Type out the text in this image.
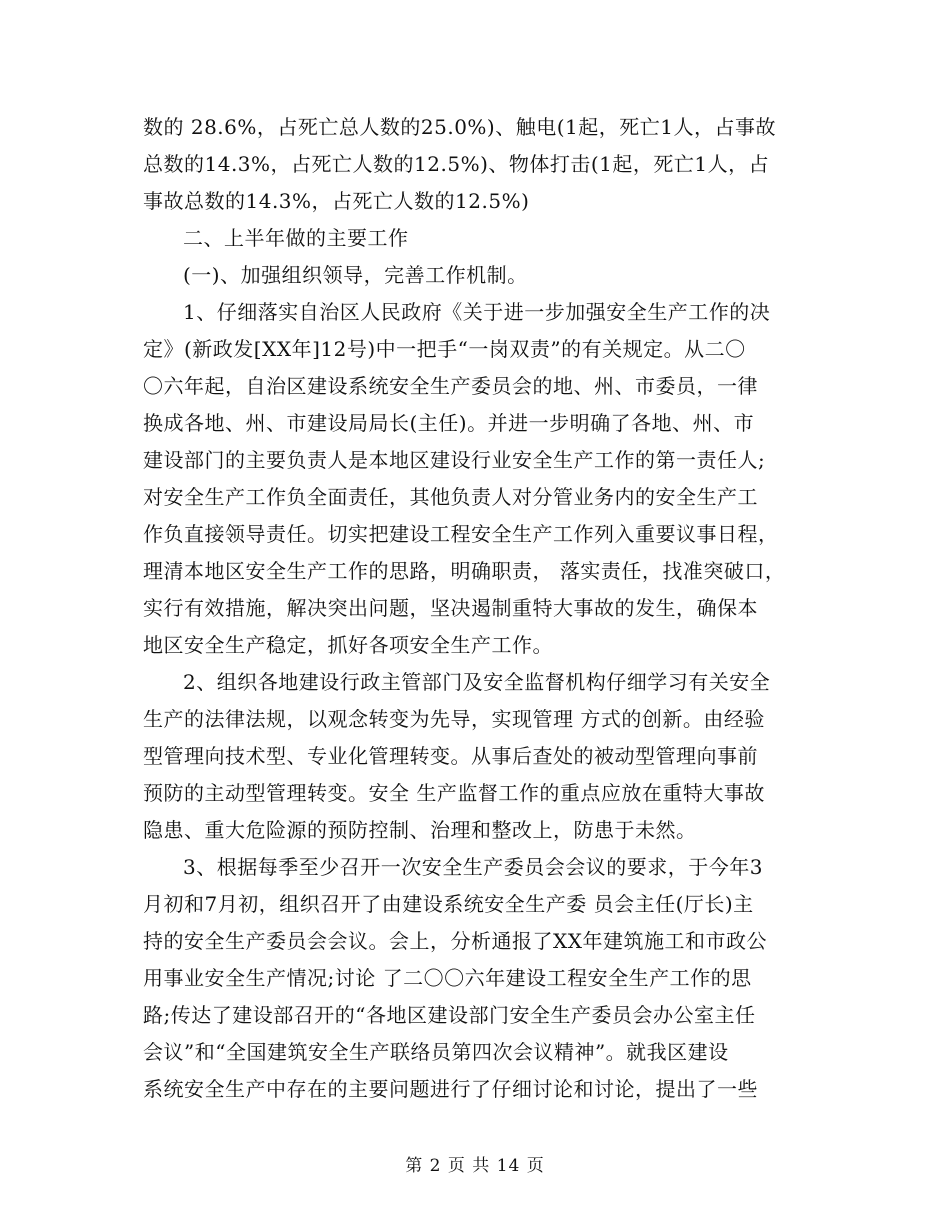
数的 28.6%，占死亡总人数的25.0%)、触电(1起，死亡1人，占事故
总数的14.3%，占死亡人数的12.5%)、物体打击(1起，死亡1人，占
事故总数的14.3%，占死亡人数的12.5%)
二、上半年做的主要工作
(一)、加强组织领导，完善工作机制。
1、仔细落实自治区人民政府《关于进一步加强安全生产工作的决
定》(新政发[XX年]12号)中一把手“一岗双责”的有关规定。从二〇
〇六年起，自治区建设系统安全生产委员会的地、州、市委员，一律
换成各地、州、市建设局局长(主任)。并进一步明确了各地、州、市
建设部门的主要负责人是本地区建设行业安全生产工作的第一责任人;
对安全生产工作负全面责任，其他负责人对分管业务内的安全生产工
作负直接领导责任。切实把建设工程安全生产工作列入重要议事日程，
理清本地区安全生产工作的思路，明确职责， 落实责任，找准突破口，
实行有效措施，解决突出问题，坚决遏制重特大事故的发生，确保本
地区安全生产稳定，抓好各项安全生产工作。
2、组织各地建设行政主管部门及安全监督机构仔细学习有关安全
生产的法律法规，以观念转变为先导，实现管理 方式的创新。由经验
型管理向技术型、专业化管理转变。从事后查处的被动型管理向事前
预防的主动型管理转变。安全 生产监督工作的重点应放在重特大事故
隐患、重大危险源的预防控制、治理和整改上，防患于未然。
3、根据每季至少召开一次安全生产委员会会议的要求，于今年3
月初和7月初，组织召开了由建设系统安全生产委 员会主任(厅长)主
持的安全生产委员会会议。会上，分析通报了XX年建筑施工和市政公
用事业安全生产情况;讨论 了二〇〇六年建设工程安全生产工作的思
路;传达了建设部召开的“各地区建设部门安全生产委员会办公室主任
会议”和“全国建筑安全生产联络员第四次会议精神”。就我区建设
系统安全生产中存在的主要问题进行了仔细讨论和讨论，提出了一些
第 2 页 共 14 页
